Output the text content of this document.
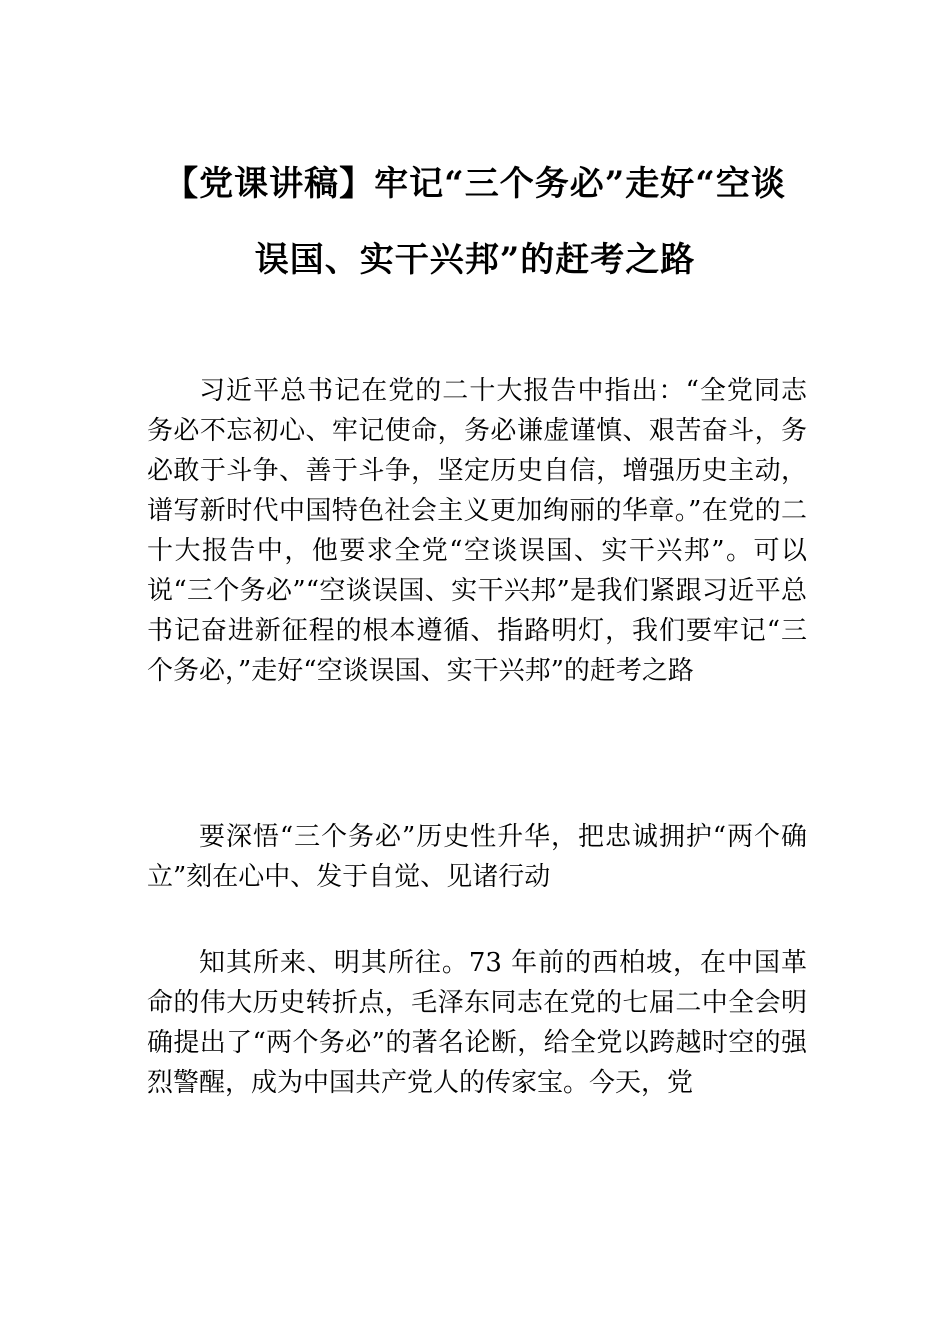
【党课讲稿】牢记“三个务必”走好“空谈
误国、实干兴邦”的赶考之路

习近平总书记在党的二十大报告中指出：“全党同志务必不忘初心、牢记使命，务必谦虚谨慎、艰苦奋斗，务必敢于斗争、善于斗争，坚定历史自信，增强历史主动，谱写新时代中国特色社会主义更加绚丽的华章。”在党的二十大报告中，他要求全党“空谈误国、实干兴邦”。可以说“三个务必”“空谈误国、实干兴邦”是我们紧跟习近平总书记奋进新征程的根本遵循、指路明灯，我们要牢记“三个务必，”走好“空谈误国、实干兴邦”的赶考之路

要深悟“三个务必”历史性升华，把忠诚拥护“两个确立”刻在心中、发于自觉、见诸行动

知其所来、明其所往。73 年前的西柏坡，在中国革命的伟大历史转折点，毛泽东同志在党的七届二中全会明确提出了“两个务必”的著名论断，给全党以跨越时空的强烈警醒，成为中国共产党人的传家宝。今天，党
